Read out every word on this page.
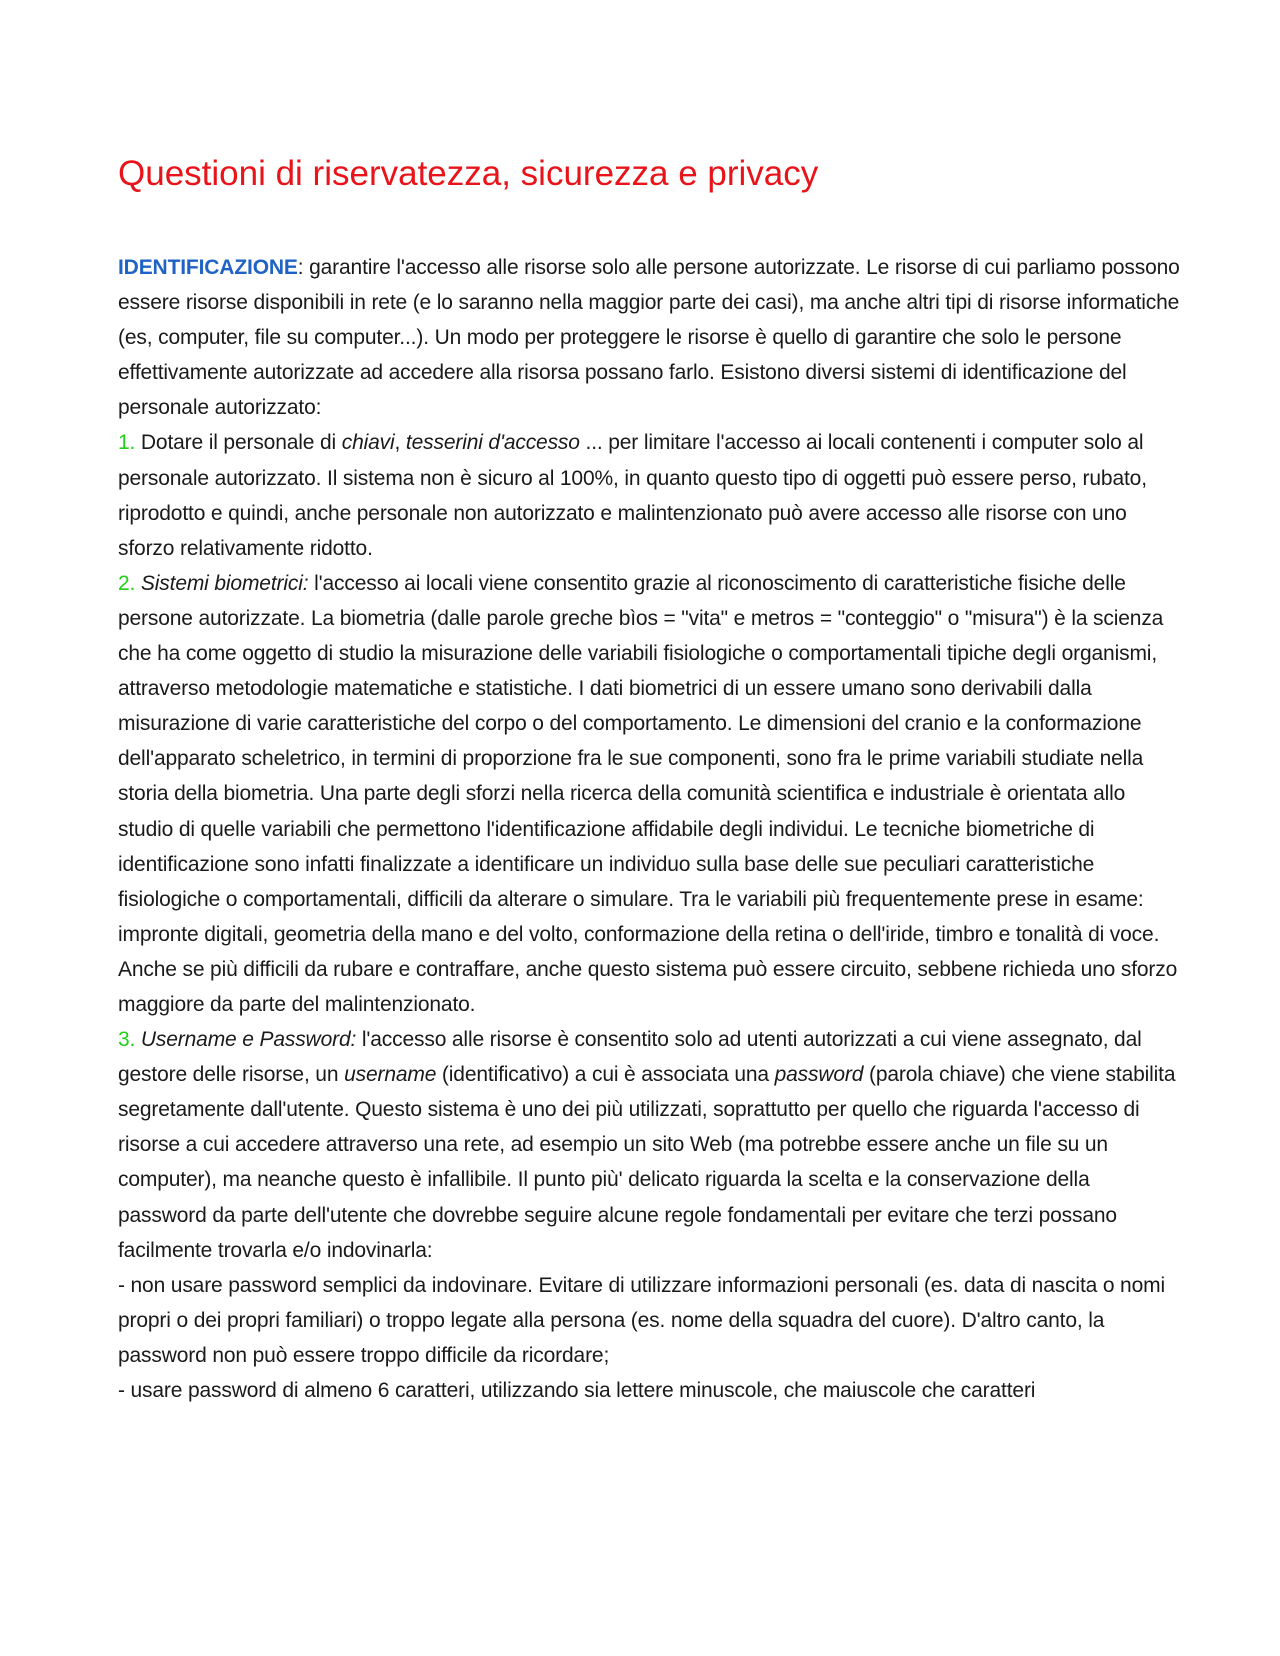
Questioni di riservatezza, sicurezza e privacy

IDENTIFICAZIONE: garantire l'accesso alle risorse solo alle persone autorizzate. Le risorse di cui parliamo possono essere risorse disponibili in rete (e lo saranno nella maggior parte dei casi), ma anche altri tipi di risorse informatiche (es, computer, file su computer...). Un modo per proteggere le risorse è quello di garantire che solo le persone effettivamente autorizzate ad accedere alla risorsa possano farlo. Esistono diversi sistemi di identificazione del personale autorizzato:

1. Dotare il personale di chiavi, tesserini d'accesso ... per limitare l'accesso ai locali contenenti i computer solo al personale autorizzato. Il sistema non è sicuro al 100%, in quanto questo tipo di oggetti può essere perso, rubato, riprodotto e quindi, anche personale non autorizzato e malintenzionato può avere accesso alle risorse con uno sforzo relativamente ridotto.

2. Sistemi biometrici: l'accesso ai locali viene consentito grazie al riconoscimento di caratteristiche fisiche delle persone autorizzate. La biometria (dalle parole greche bìos = "vita" e metros = "conteggio" o "misura") è la scienza che ha come oggetto di studio la misurazione delle variabili fisiologiche o comportamentali tipiche degli organismi, attraverso metodologie matematiche e statistiche. I dati biometrici di un essere umano sono derivabili dalla misurazione di varie caratteristiche del corpo o del comportamento. Le dimensioni del cranio e la conformazione dell'apparato scheletrico, in termini di proporzione fra le sue componenti, sono fra le prime variabili studiate nella storia della biometria. Una parte degli sforzi nella ricerca della comunità scientifica e industriale è orientata allo studio di quelle variabili che permettono l'identificazione affidabile degli individui. Le tecniche biometriche di identificazione sono infatti finalizzate a identificare un individuo sulla base delle sue peculiari caratteristiche fisiologiche o comportamentali, difficili da alterare o simulare. Tra le variabili più frequentemente prese in esame: impronte digitali, geometria della mano e del volto, conformazione della retina o dell'iride, timbro e tonalità di voce. Anche se più difficili da rubare e contraffare, anche questo sistema può essere circuito, sebbene richieda uno sforzo maggiore da parte del malintenzionato.

3. Username e Password: l'accesso alle risorse è consentito solo ad utenti autorizzati a cui viene assegnato, dal gestore delle risorse, un username (identificativo) a cui è associata una password (parola chiave) che viene stabilita segretamente dall'utente. Questo sistema è uno dei più utilizzati, soprattutto per quello che riguarda l'accesso di risorse a cui accedere attraverso una rete, ad esempio un sito Web (ma potrebbe essere anche un file su un computer), ma neanche questo è infallibile. Il punto più' delicato riguarda la scelta e la conservazione della password da parte dell'utente che dovrebbe seguire alcune regole fondamentali per evitare che terzi possano facilmente trovarla e/o indovinarla:

- non usare password semplici da indovinare. Evitare di utilizzare informazioni personali (es. data di nascita o nomi propri o dei propri familiari) o troppo legate alla persona (es. nome della squadra del cuore). D'altro canto, la password non può essere troppo difficile da ricordare;

- usare password di almeno 6 caratteri, utilizzando sia lettere minuscole, che maiuscole che caratteri
